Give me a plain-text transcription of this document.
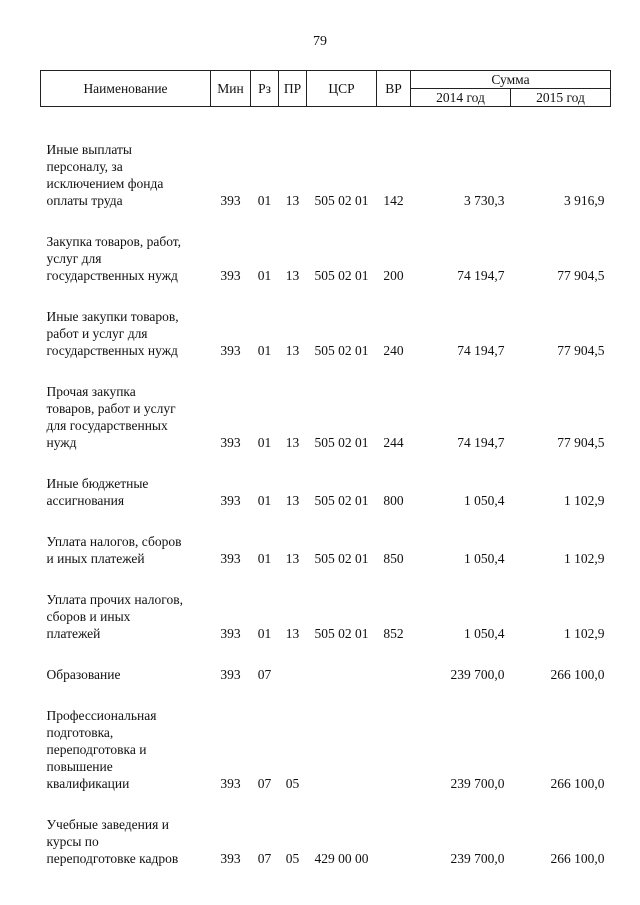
79
Наименование	Мин	Рз	ПР	ЦСР	ВР	Сумма	
						2014 год	2015 год

Иные выплаты
персоналу, за
исключением фонда
оплаты труда	393	01	13	505 02 01	142	3 730,3	3 916,9

Закупка товаров, работ,
услуг для
государственных нужд	393	01	13	505 02 01	200	74 194,7	77 904,5

Иные закупки товаров,
работ и услуг для
государственных нужд	393	01	13	505 02 01	240	74 194,7	77 904,5

Прочая закупка
товаров, работ и услуг
для государственных
нужд	393	01	13	505 02 01	244	74 194,7	77 904,5

Иные бюджетные
ассигнования	393	01	13	505 02 01	800	1 050,4	1 102,9

Уплата налогов, сборов
и иных платежей	393	01	13	505 02 01	850	1 050,4	1 102,9

Уплата прочих налогов,
сборов и иных
платежей	393	01	13	505 02 01	852	1 050,4	1 102,9

Образование	393	07				239 700,0	266 100,0

Профессиональная
подготовка,
переподготовка и
повышение
квалификации	393	07	05			239 700,0	266 100,0

Учебные заведения и
курсы по
переподготовке кадров	393	07	05	429 00 00		239 700,0	266 100,0
